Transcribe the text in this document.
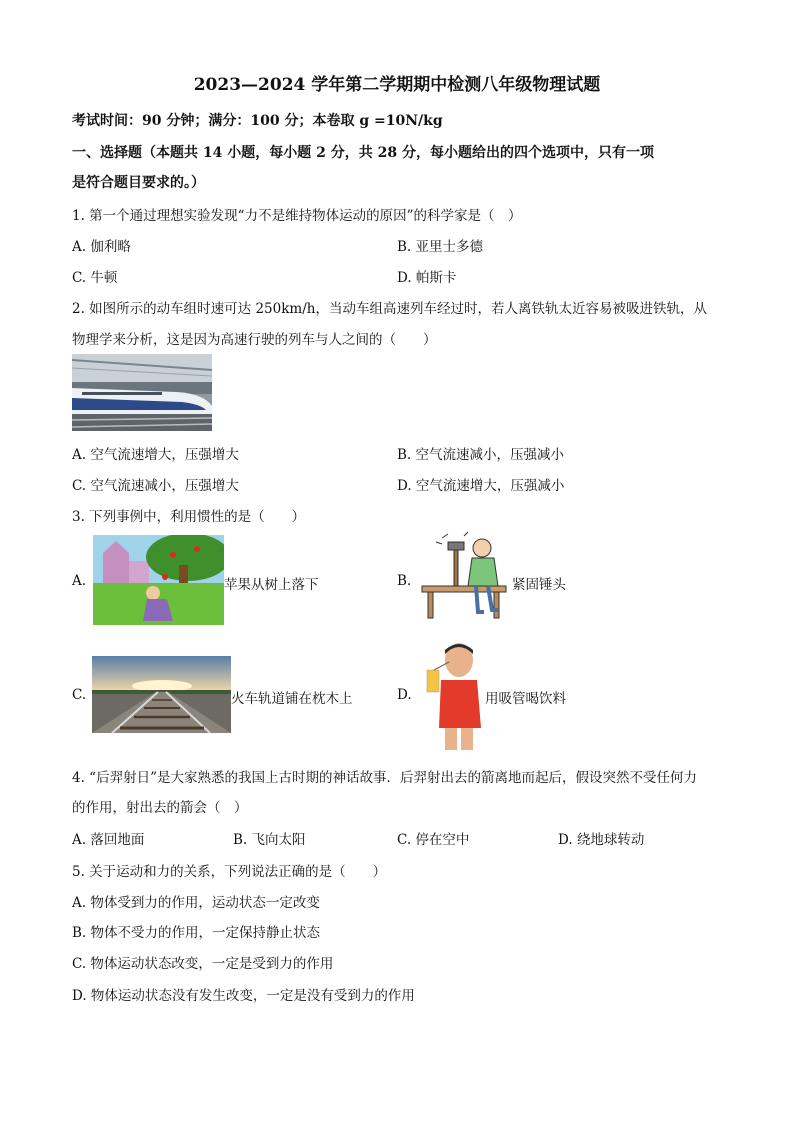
2023—2024 学年第二学期期中检测八年级物理试题
考试时间：90 分钟；满分：100 分；本卷取 g =10N/kg
一、选择题（本题共 14 小题，每小题 2 分，共 28 分，每小题给出的四个选项中，只有一项
是符合题目要求的。）
1. 第一个通过理想实验发现“力不是维持物体运动的原因”的科学家是（　）
A. 伽利略	B. 亚里士多德
C. 牛顿	D. 帕斯卡
2. 如图所示的动车组时速可达 250km/h，当动车组高速列车经过时，若人离铁轨太近容易被吸进铁轨，从
物理学来分析，这是因为高速行驶的列车与人之间的（　　）
A. 空气流速增大，压强增大	B. 空气流速减小，压强减小
C. 空气流速减小，压强增大	D. 空气流速增大，压强减小
3. 下列事例中，利用惯性的是（　　）
A.	苹果从树上落下	B.	紧固锤头
C.	火车轨道铺在枕木上	D.	用吸管喝饮料
4. “后羿射日”是大家熟悉的我国上古时期的神话故事．后羿射出去的箭离地而起后，假设突然不受任何力
的作用，射出去的箭会（　）
A. 落回地面	B. 飞向太阳	C. 停在空中	D. 绕地球转动
5. 关于运动和力的关系，下列说法正确的是（　　）
A. 物体受到力的作用，运动状态一定改变
B. 物体不受力的作用，一定保持静止状态
C. 物体运动状态改变，一定是受到力的作用
D. 物体运动状态没有发生改变，一定是没有受到力的作用
